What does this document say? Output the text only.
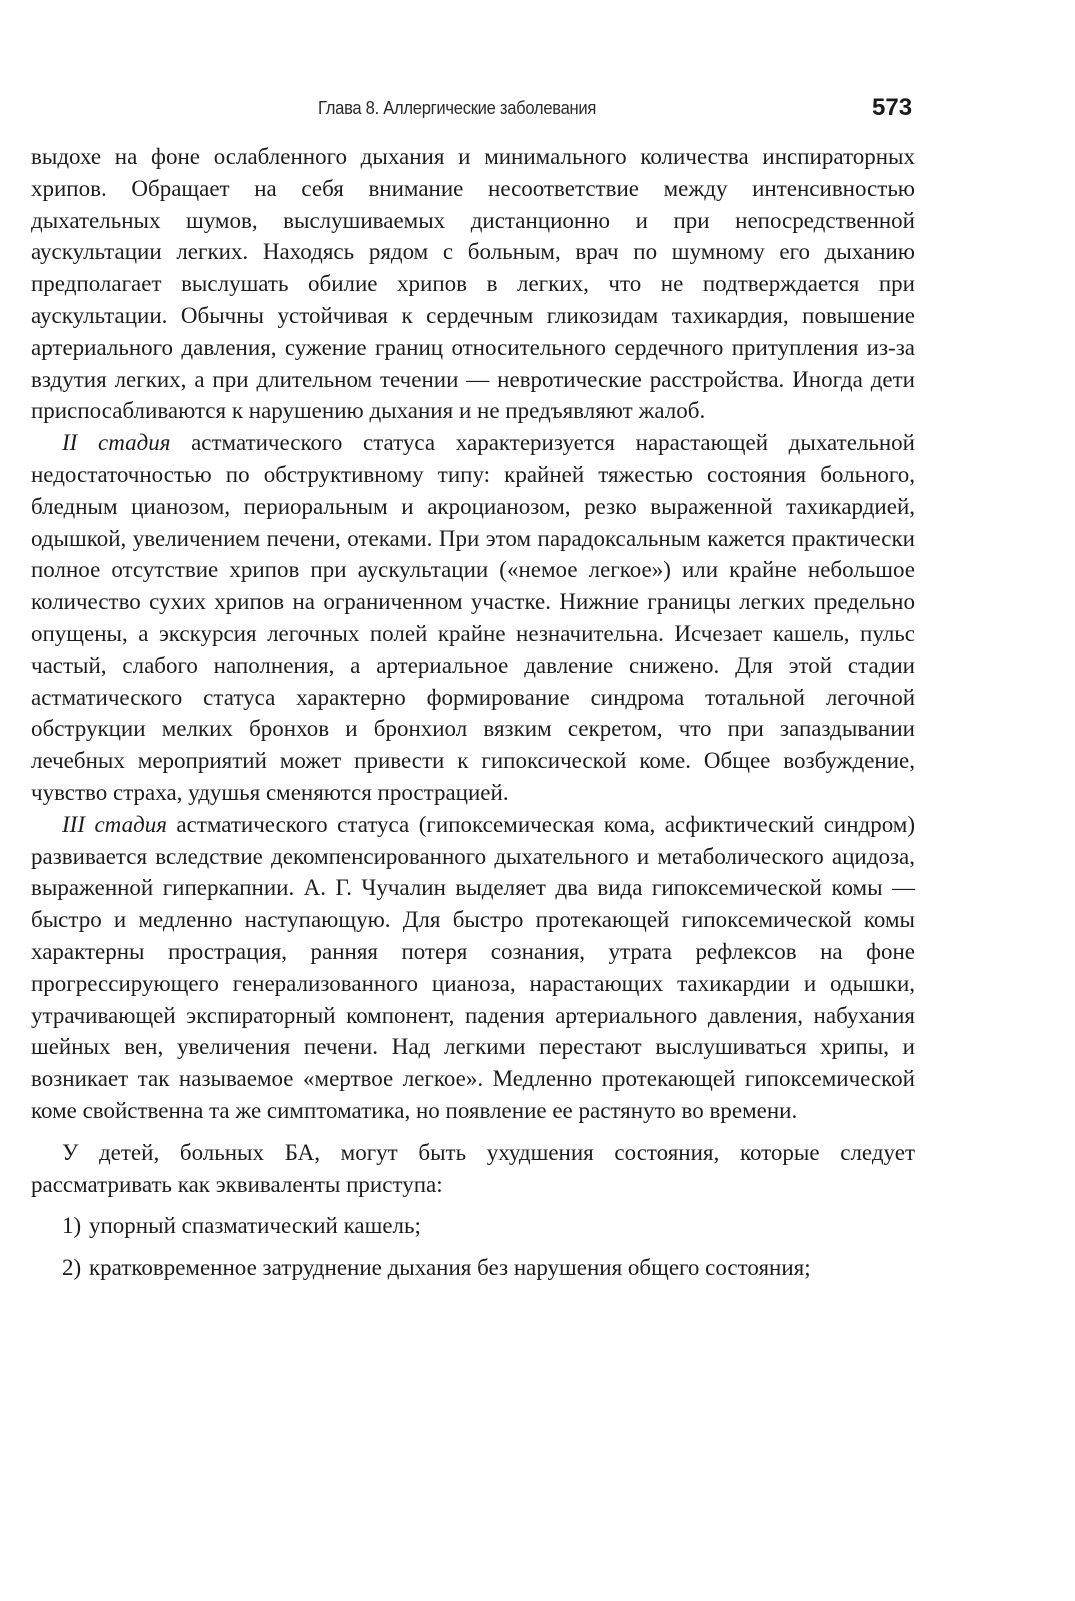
Глава 8. Аллергические заболевания	573

выдохе на фоне ослабленного дыхания и минимального количества инспираторных хрипов. Обращает на себя внимание несоответствие между интенсивностью дыхательных шумов, выслушиваемых дистанционно и при непосредственной аускультации легких. Находясь рядом с больным, врач по шумному его дыханию предполагает выслушать обилие хрипов в легких, что не подтверждается при аускультации. Обычны устойчивая к сердечным гликозидам тахикардия, повышение артериального давления, сужение границ относительного сердечного притупления из-за вздутия легких, а при длительном течении — невротические расстройства. Иногда дети приспосабливаются к нарушению дыхания и не предъявляют жалоб.

II стадия астматического статуса характеризуется нарастающей дыхательной недостаточностью по обструктивному типу: крайней тяжестью состояния больного, бледным цианозом, периоральным и акроцианозом, резко выраженной тахикардией, одышкой, увеличением печени, отеками. При этом парадоксальным кажется практически полное отсутствие хрипов при аускультации («немое легкое») или крайне небольшое количество сухих хрипов на ограниченном участке. Нижние границы легких предельно опущены, а экскурсия легочных полей крайне незначительна. Исчезает кашель, пульс частый, слабого наполнения, а артериальное давление снижено. Для этой стадии астматического статуса характерно формирование синдрома тотальной легочной обструкции мелких бронхов и бронхиол вязким секретом, что при запаздывании лечебных мероприятий может привести к гипоксической коме. Общее возбуждение, чувство страха, удушья сменяются прострацией.

III стадия астматического статуса (гипоксемическая кома, асфиктический синдром) развивается вследствие декомпенсированного дыхательного и метаболического ацидоза, выраженной гиперкапнии. А. Г. Чучалин выделяет два вида гипоксемической комы — быстро и медленно наступающую. Для быстро протекающей гипоксемической комы характерны прострация, ранняя потеря сознания, утрата рефлексов на фоне прогрессирующего генерализованного цианоза, нарастающих тахикардии и одышки, утрачивающей экспираторный компонент, падения артериального давления, набухания шейных вен, увеличения печени. Над легкими перестают выслушиваться хрипы, и возникает так называемое «мертвое легкое». Медленно протекающей гипоксемической коме свойственна та же симптоматика, но появление ее растянуто во времени.

У детей, больных БА, могут быть ухудшения состояния, которые следует рассматривать как эквиваленты приступа:

1) упорный спазматический кашель;
2) кратковременное затруднение дыхания без нарушения общего состояния;
